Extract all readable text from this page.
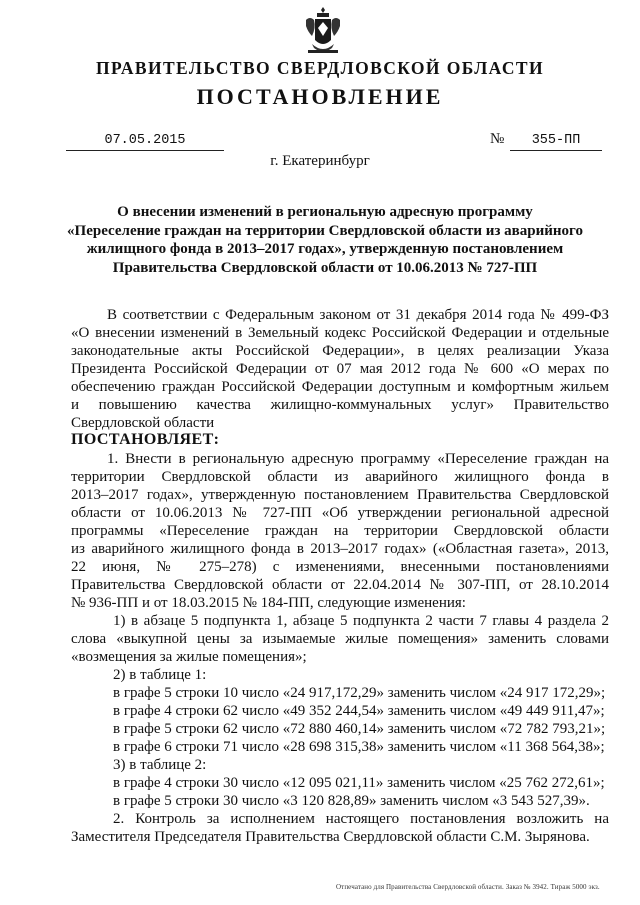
ПРАВИТЕЛЬСТВО СВЕРДЛОВСКОЙ ОБЛАСТИ
ПОСТАНОВЛЕНИЕ
07.05.2015	№	355-ПП
г. Екатеринбург
О внесении изменений в региональную адресную программу
«Переселение граждан на территории Свердловской области из аварийного
жилищного фонда в 2013–2017 годах», утвержденную постановлением
Правительства Свердловской области от 10.06.2013 № 727-ПП
В соответствии с Федеральным законом от 31 декабря 2014 года № 499-ФЗ
«О внесении изменений в Земельный кодекс Российской Федерации и отдельные
законодательные акты Российской Федерации», в целях реализации Указа
Президента Российской Федерации от 07 мая 2012 года № 600 «О мерах по
обеспечению граждан Российской Федерации доступным и комфортным жильем
и повышению качества жилищно-коммунальных услуг» Правительство
Свердловской области
ПОСТАНОВЛЯЕТ:
1. Внести в региональную адресную программу «Переселение граждан на
территории Свердловской области из аварийного жилищного фонда в
2013–2017 годах», утвержденную постановлением Правительства Свердловской
области от 10.06.2013 № 727-ПП «Об утверждении региональной адресной
программы «Переселение граждан на территории Свердловской области
из аварийного жилищного фонда в 2013–2017 годах» («Областная газета», 2013,
22 июня, № 275–278) с изменениями, внесенными постановлениями
Правительства Свердловской области от 22.04.2014 № 307-ПП, от 28.10.2014
№ 936-ПП и от 18.03.2015 № 184-ПП, следующие изменения:
1) в абзаце 5 подпункта 1, абзаце 5 подпункта 2 части 7 главы 4 раздела 2
слова «выкупной цены за изымаемые жилые помещения» заменить словами
«возмещения за жилые помещения»;
2) в таблице 1:
в графе 5 строки 10 число «24 917,172,29» заменить числом «24 917 172,29»;
в графе 4 строки 62 число «49 352 244,54» заменить числом «49 449 911,47»;
в графе 5 строки 62 число «72 880 460,14» заменить числом «72 782 793,21»;
в графе 6 строки 71 число «28 698 315,38» заменить числом «11 368 564,38»;
3) в таблице 2:
в графе 4 строки 30 число «12 095 021,11» заменить числом «25 762 272,61»;
в графе 5 строки 30 число «3 120 828,89» заменить числом «3 543 527,39».
2. Контроль за исполнением настоящего постановления возложить на
Заместителя Председателя Правительства Свердловской области С.М. Зырянова.
Отпечатано для Правительства Свердловской области. Заказ № 3942. Тираж 5000 экз.
